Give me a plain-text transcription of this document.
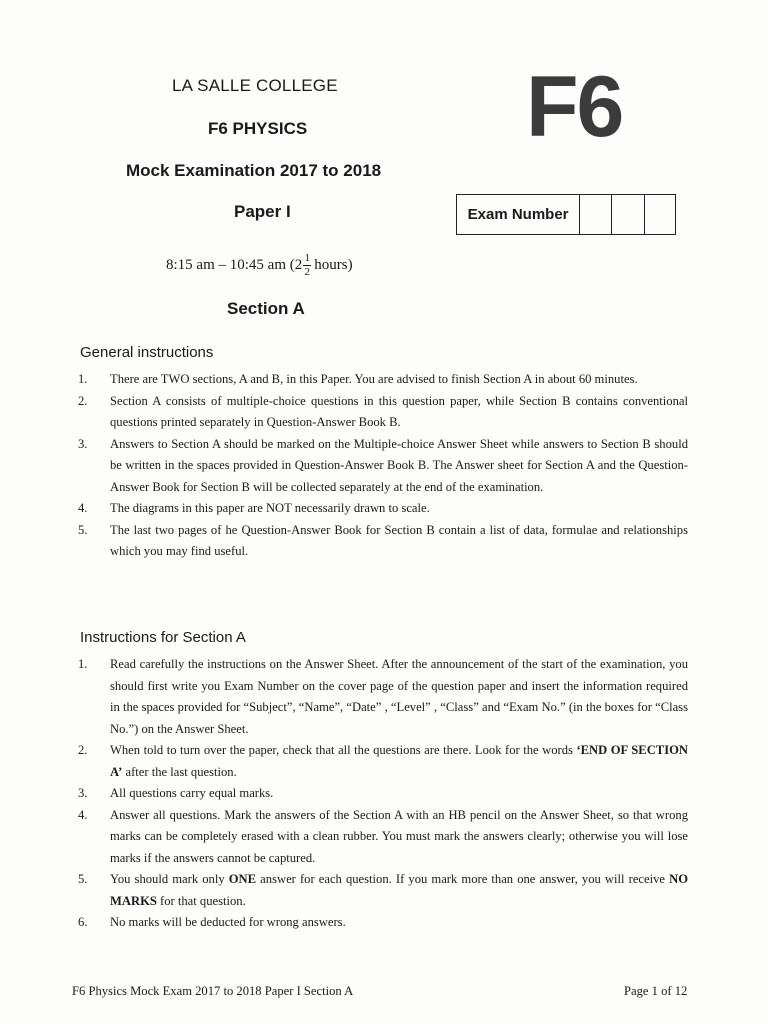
LA SALLE COLLEGE
F6 PHYSICS
Mock Examination 2017 to 2018
Paper I
8:15 am – 10:45 am ($2 \frac{1}{2}$ hours)
Section A
F6
Exam Number
General instructions
1.	There are TWO sections, A and B, in this Paper. You are advised to finish Section A in about 60 minutes.
2.	Section A consists of multiple-choice questions in this question paper, while Section B contains conventional questions printed separately in Question-Answer Book B.
3.	Answers to Section A should be marked on the Multiple-choice Answer Sheet while answers to Section B should be written in the spaces provided in Question-Answer Book B. The Answer sheet for Section A and the Question-Answer Book for Section B will be collected separately at the end of the examination.
4.	The diagrams in this paper are NOT necessarily drawn to scale.
5.	The last two pages of he Question-Answer Book for Section B contain a list of data, formulae and relationships which you may find useful.
Instructions for Section A
1.	Read carefully the instructions on the Answer Sheet. After the announcement of the start of the examination, you should first write you Exam Number on the cover page of the question paper and insert the information required in the spaces provided for “Subject”, “Name”, “Date” , “Level” , “Class” and “Exam No.” (in the boxes for “Class No.”) on the Answer Sheet.
2.	When told to turn over the paper, check that all the questions are there. Look for the words ‘END OF SECTION A’ after the last question.
3.	All questions carry equal marks.
4.	Answer all questions. Mark the answers of the Section A with an HB pencil on the Answer Sheet, so that wrong marks can be completely erased with a clean rubber. You must mark the answers clearly; otherwise you will lose marks if the answers cannot be captured.
5.	You should mark only ONE answer for each question. If you mark more than one answer, you will receive NO MARKS for that question.
6.	No marks will be deducted for wrong answers.
F6 Physics Mock Exam 2017 to 2018 Paper I Section A	Page 1 of 12
